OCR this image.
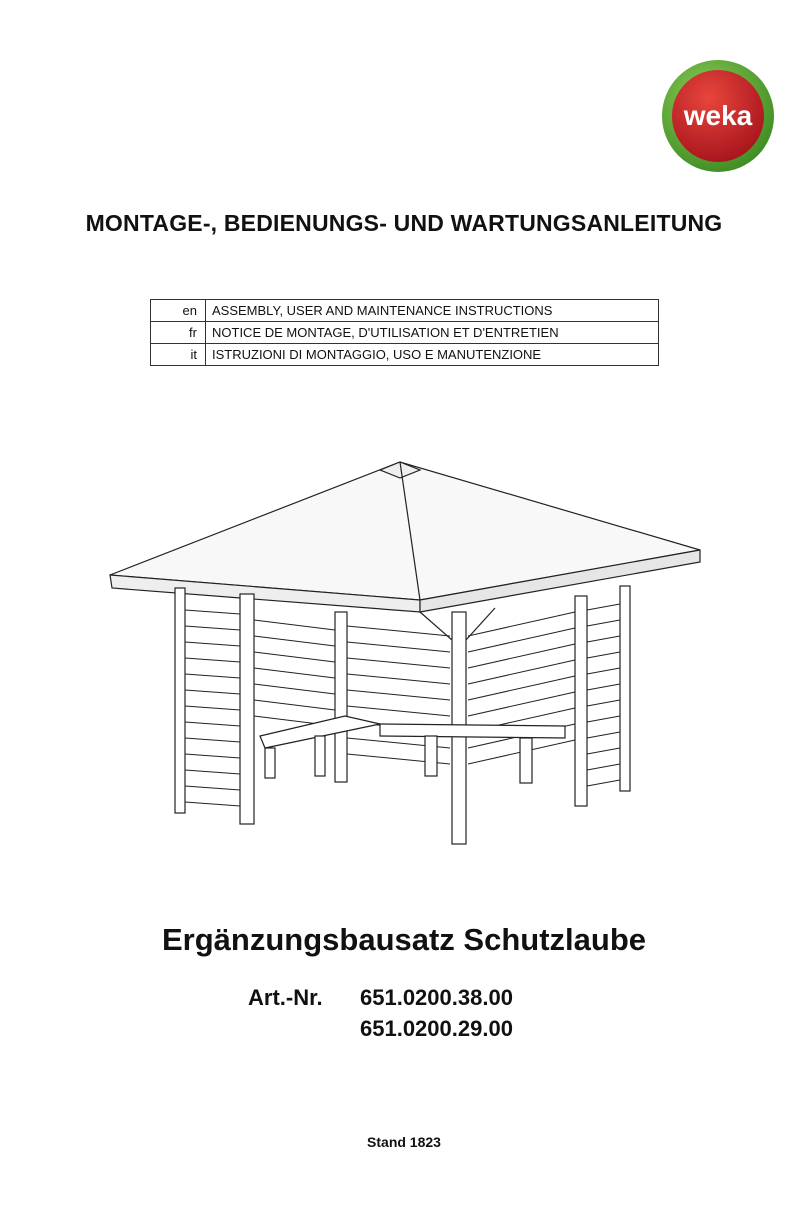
weka
MONTAGE-, BEDIENUNGS- UND WARTUNGSANLEITUNG
en	ASSEMBLY, USER AND MAINTENANCE INSTRUCTIONS
fr	NOTICE DE MONTAGE, D'UTILISATION ET D'ENTRETIEN
it	ISTRUZIONI DI MONTAGGIO, USO E MANUTENZIONE
Ergänzungsbausatz Schutzlaube
Art.-Nr. 651.0200.38.00
651.0200.29.00
Stand 1823
